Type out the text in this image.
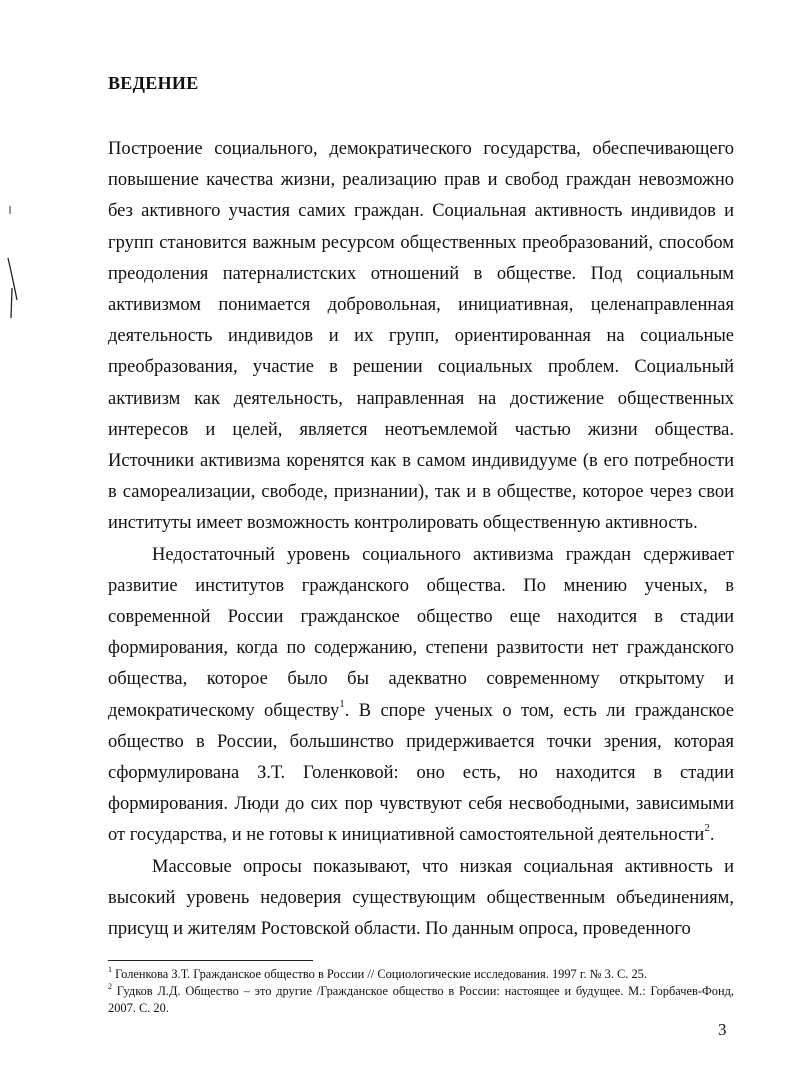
ВЕДЕНИЕ

Построение социального, демократического государства, обеспечивающего повышение качества жизни, реализацию прав и свобод граждан невозможно без активного участия самих граждан. Социальная активность индивидов и групп становится важным ресурсом общественных преобразований, способом преодоления патерналистских отношений в обществе. Под социальным активизмом понимается добровольная, инициативная, целенаправленная деятельность индивидов и их групп, ориентированная на социальные преобразования, участие в решении социальных проблем. Социальный активизм как деятельность, направленная на достижение общественных интересов и целей, является неотъемлемой частью жизни общества. Источники активизма коренятся как в самом индивидууме (в его потребности в самореализации, свободе, признании), так и в обществе, которое через свои институты имеет возможность контролировать общественную активность.

Недостаточный уровень социального активизма граждан сдерживает развитие институтов гражданского общества. По мнению ученых, в современной России гражданское общество еще находится в стадии формирования, когда по содержанию, степени развитости нет гражданского общества, которое было бы адекватно современному открытому и демократическому обществу$^1$. В споре ученых о том, есть ли гражданское общество в России, большинство придерживается точки зрения, которая сформулирована З.Т. Голенковой: оно есть, но находится в стадии формирования. Люди до сих пор чувствуют себя несвободными, зависимыми от государства, и не готовы к инициативной самостоятельной деятельности$^2$.

Массовые опросы показывают, что низкая социальная активность и высокий уровень недоверия существующим общественным объединениям, присущ и жителям Ростовской области. По данным опроса, проведенного

$^1$ Голенкова З.Т. Гражданское общество в России // Социологические исследования. 1997 г. № 3. С. 25.

$^2$ Гудков Л.Д. Общество – это другие /Гражданское общество в России: настоящее и будущее. М.: Горбачев-Фонд, 2007. С. 20.

3
